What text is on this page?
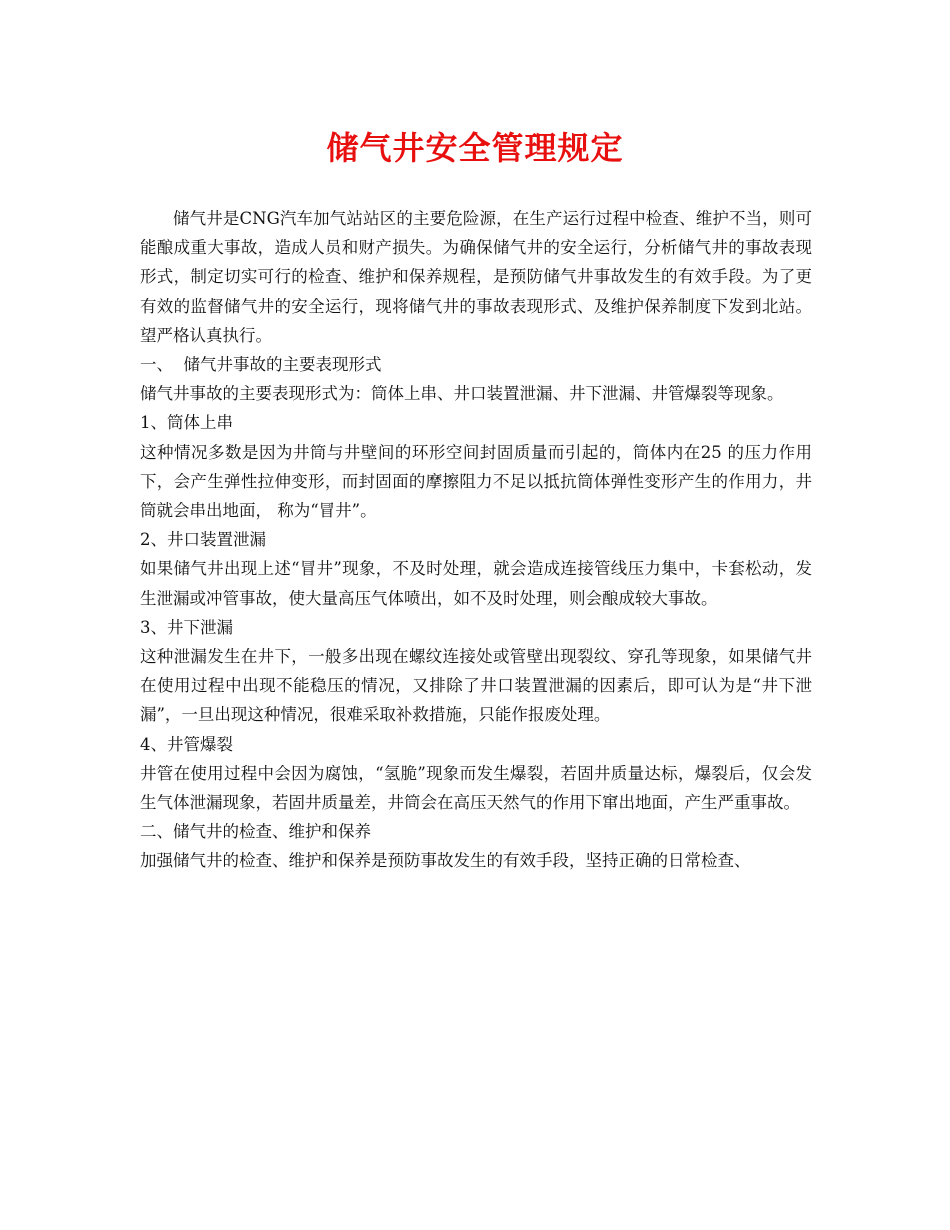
储气井安全管理规定

储气井是CNG汽车加气站站区的主要危险源，在生产运行过程中检查、维护不当，则可能酿成重大事故，造成人员和财产损失。为确保储气井的安全运行，分析储气井的事故表现形式，制定切实可行的检查、维护和保养规程，是预防储气井事故发生的有效手段。为了更有效的监督储气井的安全运行，现将储气井的事故表现形式、及维护保养制度下发到北站。望严格认真执行。

一、  储气井事故的主要表现形式

储气井事故的主要表现形式为：筒体上串、井口装置泄漏、井下泄漏、井管爆裂等现象。

1、筒体上串

这种情况多数是因为井筒与井壁间的环形空间封固质量而引起的，筒体内在25 的压力作用下，会产生弹性拉伸变形，而封固面的摩擦阻力不足以抵抗筒体弹性变形产生的作用力，井筒就会串出地面， 称为“冒井”。

2、井口装置泄漏

如果储气井出现上述“冒井”现象，不及时处理，就会造成连接管线压力集中，卡套松动，发生泄漏或冲管事故，使大量高压气体喷出，如不及时处理，则会酿成较大事故。

3、井下泄漏

这种泄漏发生在井下，一般多出现在螺纹连接处或管壁出现裂纹、穿孔等现象，如果储气井在使用过程中出现不能稳压的情况，又排除了井口装置泄漏的因素后，即可认为是“井下泄漏”，一旦出现这种情况，很难采取补救措施，只能作报废处理。

4、井管爆裂

井管在使用过程中会因为腐蚀，“氢脆”现象而发生爆裂，若固井质量达标，爆裂后，仅会发生气体泄漏现象，若固井质量差，井筒会在高压天然气的作用下窜出地面，产生严重事故。

二、储气井的检查、维护和保养

加强储气井的检查、维护和保养是预防事故发生的有效手段，坚持正确的日常检查、
